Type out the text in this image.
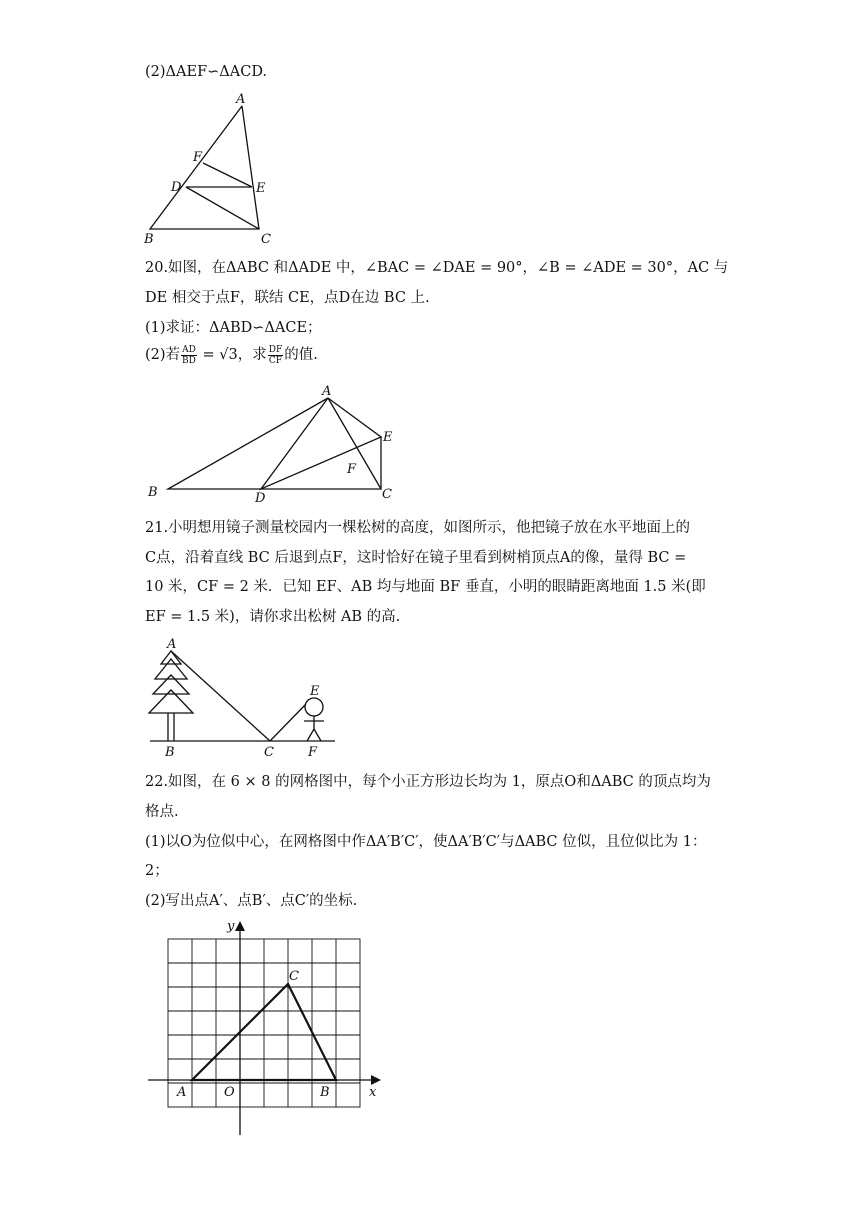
(2)ΔAEF∽ΔACD.
A
F
D	E
B	C
20.如图，在ΔABC 和ΔADE 中，∠BAC = ∠DAE = 90°，∠B = ∠ADE = 30°，AC 与
DE 相交于点F，联结 CE，点D在边 BC 上.
(1)求证：ΔABD∽ΔACE；
(2)若 $\frac{AD}{BD} = √3$，求 $\frac{DF}{CF}$ 的值.
A
E
F
B	D	C
21.小明想用镜子测量校园内一棵松树的高度，如图所示，他把镜子放在水平地面上的
C点，沿着直线 BC 后退到点F，这时恰好在镜子里看到树梢顶点A的像，量得 BC =
10 米，CF = 2 米．已知 EF、AB 均与地面 BF 垂直，小明的眼睛距离地面 1.5 米(即
EF = 1.5 米)，请你求出松树 AB 的高.
A
E
B	C	F
22.如图，在 6 × 8 的网格图中，每个小正方形边长均为 1，原点O和ΔABC 的顶点均为
格点.
(1)以O为位似中心，在网格图中作ΔA′B′C′，使ΔA′B′C′与ΔABC 位似，且位似比为 1：
2；
(2)写出点A′、点B′、点C′的坐标.
y
x
A	O	B
C
